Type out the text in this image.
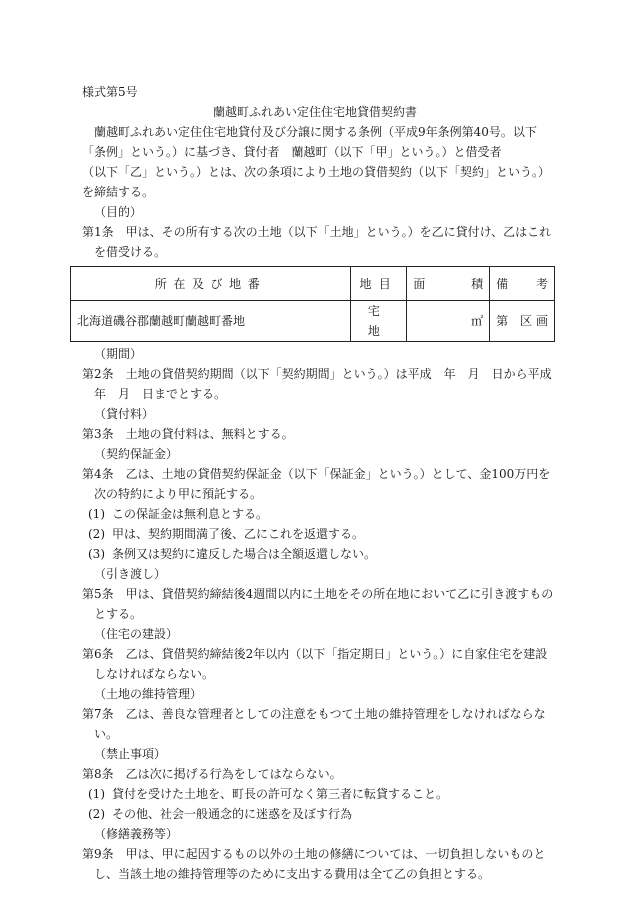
様式第5号

蘭越町ふれあい定住住宅地貸借契約書

蘭越町ふれあい定住住宅地貸付及び分譲に関する条例（平成9年条例第40号。以下「条例」という。）に基づき、貸付者　蘭越町（以下「甲」という。）と借受者　　　　　　　　　（以下「乙」という。）とは、次の条項により土地の貸借契約（以下「契約」という。）を締結する。

（目的）

第1条　甲は、その所有する次の土地（以下「土地」という。）を乙に貸付け、乙はこれを借受ける。

所在及び地番	地目	面積	備考
北海道磯谷郡蘭越町蘭越町番地	宅　地	㎡	第 区画

（期間）

第2条　土地の貸借契約期間（以下「契約期間」という。）は平成　年　月　日から平成　年　月　日までとする。

（貸付料）

第3条　土地の貸付料は、無料とする。

（契約保証金）

第4条　乙は、土地の貸借契約保証金（以下「保証金」という。）として、金100万円を次の特約により甲に預託する。

(1) この保証金は無利息とする。

(2) 甲は、契約期間満了後、乙にこれを返還する。

(3) 条例又は契約に違反した場合は全額返還しない。

（引き渡し）

第5条　甲は、貸借契約締結後4週間以内に土地をその所在地において乙に引き渡すものとする。

（住宅の建設）

第6条　乙は、貸借契約締結後2年以内（以下「指定期日」という。）に自家住宅を建設しなければならない。

（土地の維持管理）

第7条　乙は、善良な管理者としての注意をもつて土地の維持管理をしなければならない。

（禁止事項）

第8条　乙は次に掲げる行為をしてはならない。

(1) 貸付を受けた土地を、町長の許可なく第三者に転貸すること。

(2) その他、社会一般通念的に迷惑を及ぼす行為

（修繕義務等）

第9条　甲は、甲に起因するもの以外の土地の修繕については、一切負担しないものとし、当該土地の維持管理等のために支出する費用は全て乙の負担とする。
